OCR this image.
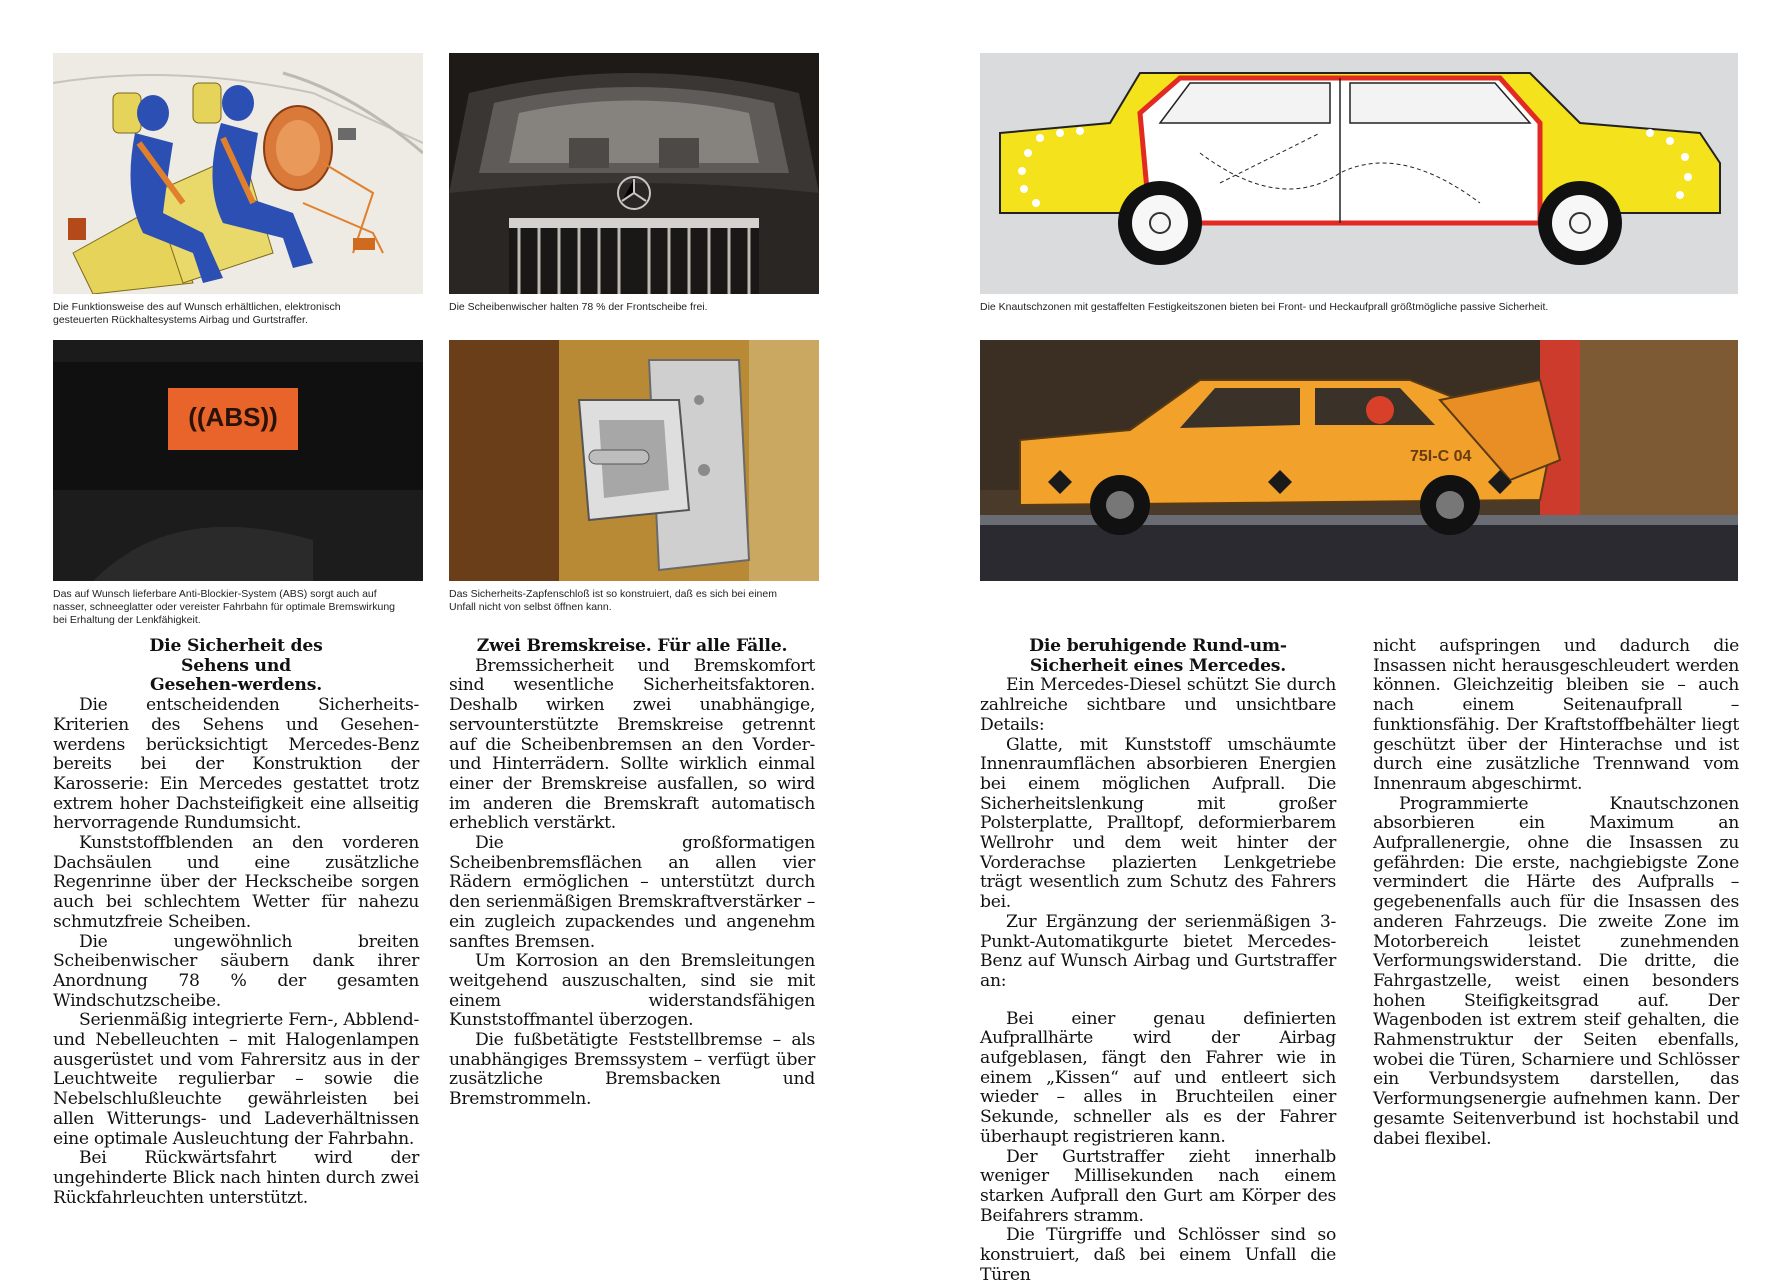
Die Funktionsweise des auf Wunsch erhältlichen, elektronisch gesteuerten Rückhaltesystems Airbag und Gurtstraffer.

Die Scheibenwischer halten 78 % der Frontscheibe frei.	Die Knautschzonen mit gestaffelten Festigkeitszonen bieten bei Front- und Heckaufprall größtmögliche passive Sicherheit.

((ABS))

Das auf Wunsch lieferbare Anti-Blockier-System (ABS) sorgt auch auf nasser, schneeglatter oder vereister Fahrbahn für optimale Bremswirkung bei Erhaltung der Lenkfähigkeit.

Das Sicherheits-Zapfenschloß ist so konstruiert, daß es sich bei einem Unfall nicht von selbst öffnen kann.

75I-C 04
Die Sicherheit des Sehens und Gesehen-werdens.

Die entscheidenden Sicherheits-Kriterien des Sehens und Gesehen-werdens berücksichtigt Mercedes-Benz bereits bei der Konstruktion der Karosserie: Ein Mercedes gestattet trotz extrem hoher Dachsteifigkeit eine allseitig hervorragende Rundumsicht.

Kunststoffblenden an den vorderen Dachsäulen und eine zusätzliche Regenrinne über der Heckscheibe sorgen auch bei schlechtem Wetter für nahezu schmutzfreie Scheiben.

Die ungewöhnlich breiten Scheibenwischer säubern dank ihrer Anordnung 78 % der gesamten Windschutzscheibe.

Serienmäßig integrierte Fern-, Abblend- und Nebelleuchten – mit Halogenlampen ausgerüstet und vom Fahrersitz aus in der Leuchtweite regulierbar – sowie die Nebelschlußleuchte gewährleisten bei allen Witterungs- und Ladeverhältnissen eine optimale Ausleuchtung der Fahrbahn.

Bei Rückwärtsfahrt wird der ungehinderte Blick nach hinten durch zwei Rückfahrleuchten unterstützt.

Zwei Bremskreise. Für alle Fälle.

Bremssicherheit und Bremskomfort sind wesentliche Sicherheitsfaktoren. Deshalb wirken zwei unabhängige, servounterstützte Bremskreise getrennt auf die Scheibenbremsen an den Vorder- und Hinterrädern. Sollte wirklich einmal einer der Bremskreise ausfallen, so wird im anderen die Bremskraft automatisch erheblich verstärkt.

Die großformatigen Scheibenbremsflächen an allen vier Rädern ermöglichen – unterstützt durch den serienmäßigen Bremskraftverstärker – ein zugleich zupackendes und angenehm sanftes Bremsen.

Um Korrosion an den Bremsleitungen weitgehend auszuschalten, sind sie mit einem widerstandsfähigen Kunststoffmantel überzogen.

Die fußbetätigte Feststellbremse – als unabhängiges Bremssystem – verfügt über zusätzliche Bremsbacken und Bremstrommeln.

Die beruhigende Rund-um-Sicherheit eines Mercedes.

Ein Mercedes-Diesel schützt Sie durch zahlreiche sichtbare und unsichtbare Details:

Glatte, mit Kunststoff umschäumte Innenraumflächen absorbieren Energien bei einem möglichen Aufprall. Die Sicherheitslenkung mit großer Polsterplatte, Pralltopf, deformierbarem Wellrohr und dem weit hinter der Vorderachse plazierten Lenkgetriebe trägt wesentlich zum Schutz des Fahrers bei.

Zur Ergänzung der serienmäßigen 3-Punkt-Automatikgurte bietet Mercedes-Benz auf Wunsch Airbag und Gurtstraffer an:

Bei einer genau definierten Aufprallhärte wird der Airbag aufgeblasen, fängt den Fahrer wie in einem „Kissen“ auf und entleert sich wieder – alles in Bruchteilen einer Sekunde, schneller als es der Fahrer überhaupt registrieren kann.

Der Gurtstraffer zieht innerhalb weniger Millisekunden nach einem starken Aufprall den Gurt am Körper des Beifahrers stramm.

Die Türgriffe und Schlösser sind so konstruiert, daß bei einem Unfall die Türen

nicht aufspringen und dadurch die Insassen nicht herausgeschleudert werden können. Gleichzeitig bleiben sie – auch nach einem Seitenaufprall – funktionsfähig. Der Kraftstoffbehälter liegt geschützt über der Hinterachse und ist durch eine zusätzliche Trennwand vom Innenraum abgeschirmt.

Programmierte Knautschzonen absorbieren ein Maximum an Aufprallenergie, ohne die Insassen zu gefährden: Die erste, nachgiebigste Zone vermindert die Härte des Aufpralls – gegebenenfalls auch für die Insassen des anderen Fahrzeugs. Die zweite Zone im Motorbereich leistet zunehmenden Verformungswiderstand. Die dritte, die Fahrgastzelle, weist einen besonders hohen Steifigkeitsgrad auf. Der Wagenboden ist extrem steif gehalten, die Rahmenstruktur der Seiten ebenfalls, wobei die Türen, Scharniere und Schlösser ein Verbundsystem darstellen, das Verformungsenergie aufnehmen kann. Der gesamte Seitenverbund ist hochstabil und dabei flexibel.
